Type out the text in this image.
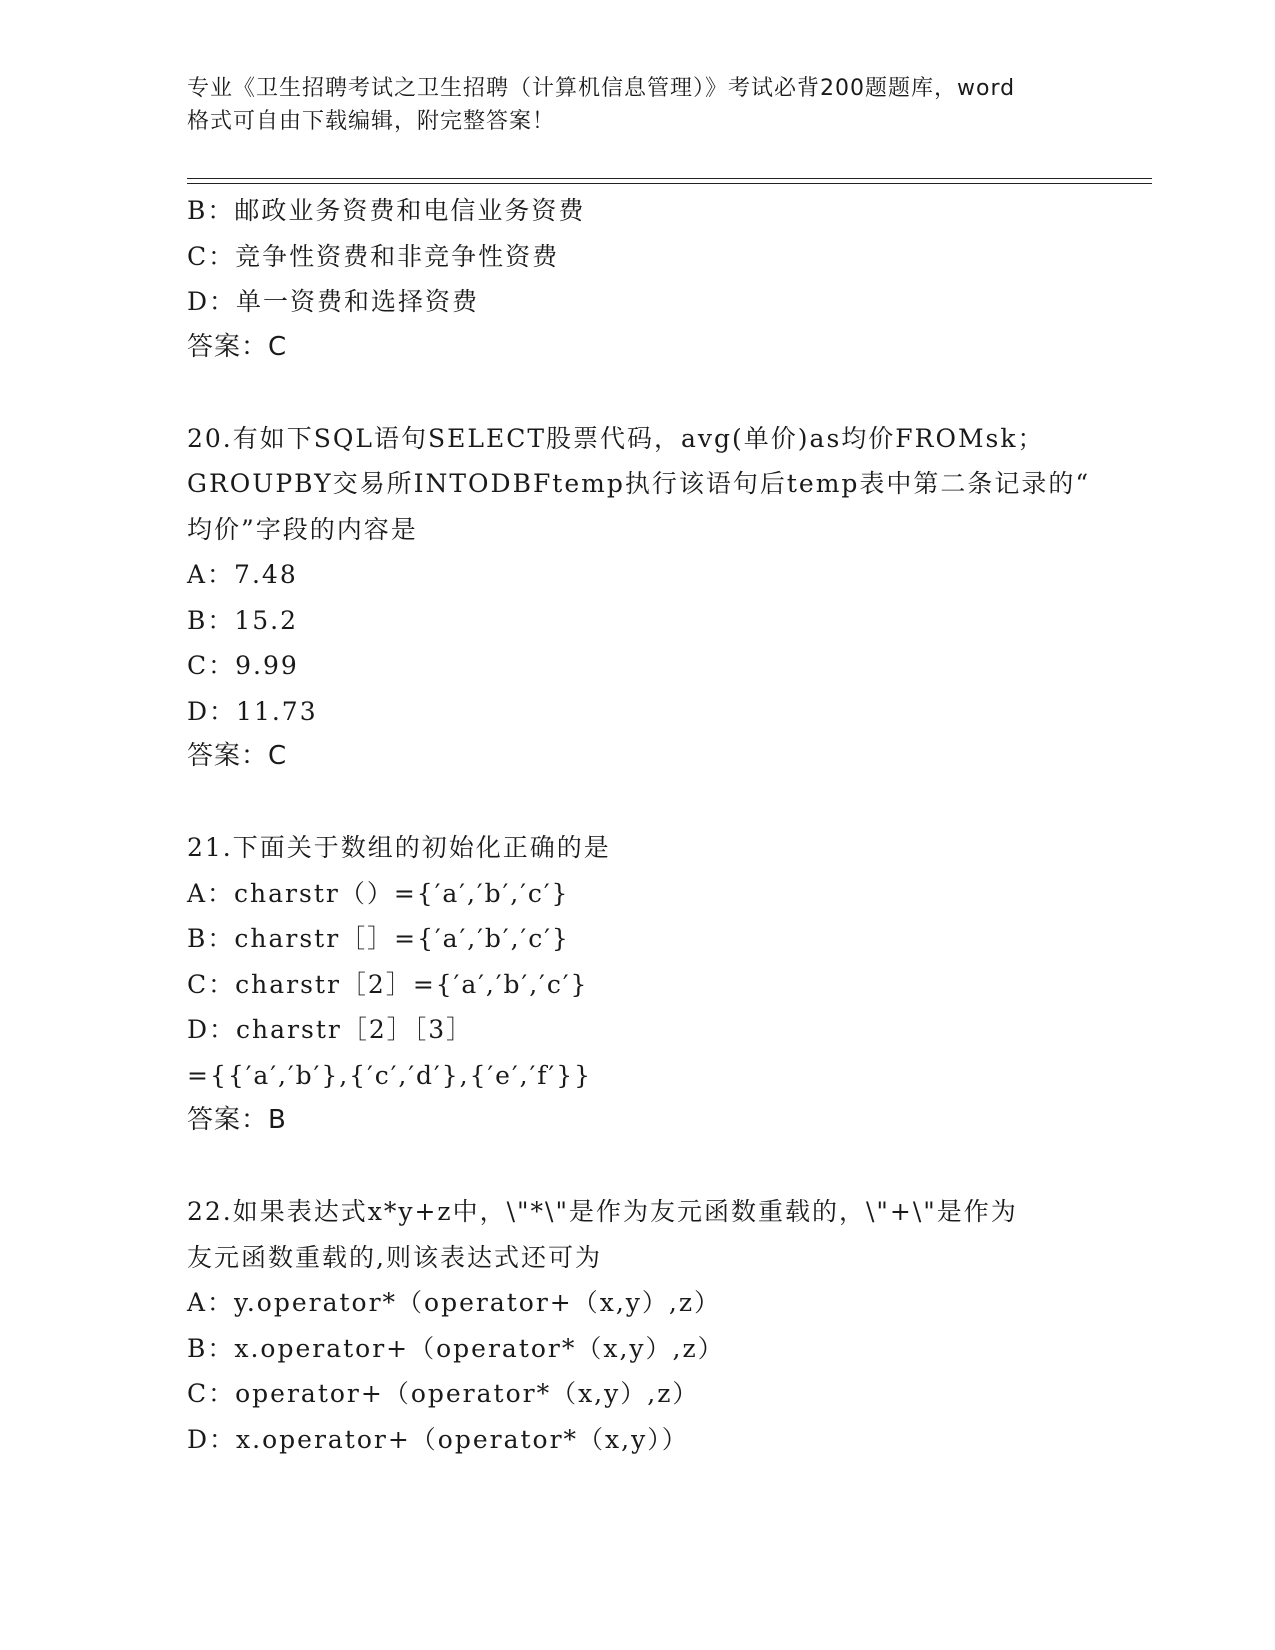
专业《卫生招聘考试之卫生招聘（计算机信息管理）》考试必背200题题库，word
格式可自由下载编辑，附完整答案！
B：邮政业务资费和电信业务资费
C：竞争性资费和非竞争性资费
D：单一资费和选择资费
答案：C
20.有如下SQL语句SELECT股票代码，avg(单价)as均价FROMsk；
GROUPBY交易所INTODBFtemp执行该语句后temp表中第二条记录的“
均价”字段的内容是
A：7.48
B：15.2
C：9.99
D：11.73
答案：C
21.下面关于数组的初始化正确的是
A：charstr（）={′a′,′b′,′c′}
B：charstr［］={′a′,′b′,′c′}
C：charstr［2］={′a′,′b′,′c′}
D：charstr［2］［3］
={{′a′,′b′},{′c′,′d′},{′e′,′f′}}
答案：B
22.如果表达式x*y+z中，\"*\"是作为友元函数重载的，\"+\"是作为
友元函数重载的,则该表达式还可为
A：y.operator*（operator+（x,y）,z）
B：x.operator+（operator*（x,y）,z）
C：operator+（operator*（x,y）,z）
D：x.operator+（operator*（x,y））
